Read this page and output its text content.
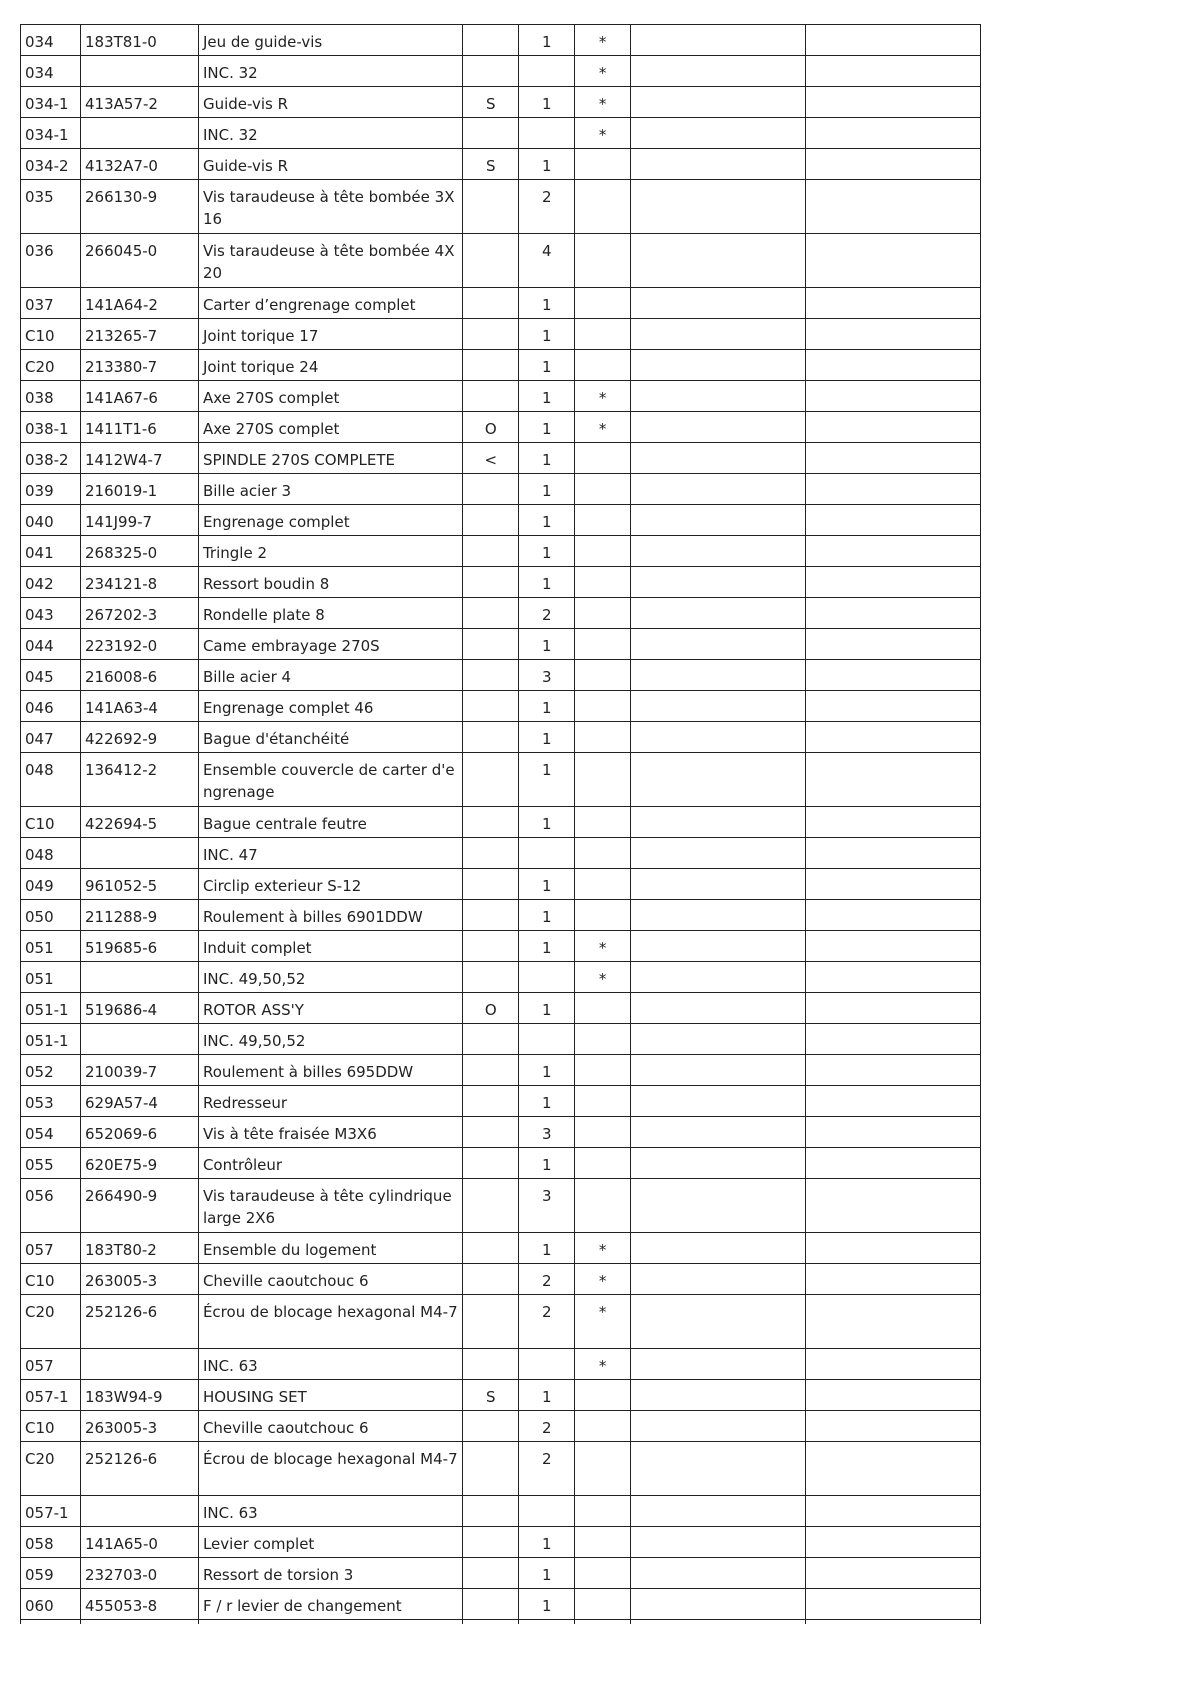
034	183T81-0	Jeu de guide-vis		1	*		
034		INC. 32			*		
034-1	413A57-2	Guide-vis R	S	1	*		
034-1		INC. 32			*		
034-2	4132A7-0	Guide-vis R	S	1			
035	266130-9	Vis taraudeuse à tête bombée 3X 16		2			
036	266045-0	Vis taraudeuse à tête bombée 4X 20		4			
037	141A64-2	Carter d’engrenage complet		1			
C10	213265-7	Joint torique 17		1			
C20	213380-7	Joint torique 24		1			
038	141A67-6	Axe 270S complet		1	*		
038-1	1411T1-6	Axe 270S complet	O	1	*		
038-2	1412W4-7	SPINDLE 270S COMPLETE	<	1			
039	216019-1	Bille acier 3		1			
040	141J99-7	Engrenage complet		1			
041	268325-0	Tringle 2		1			
042	234121-8	Ressort boudin 8		1			
043	267202-3	Rondelle plate 8		2			
044	223192-0	Came embrayage 270S		1			
045	216008-6	Bille acier 4		3			
046	141A63-4	Engrenage complet 46		1			
047	422692-9	Bague d'étanchéité		1			
048	136412-2	Ensemble couvercle de carter d'engrenage		1			
C10	422694-5	Bague centrale feutre		1			
048		INC. 47					
049	961052-5	Circlip exterieur S-12		1			
050	211288-9	Roulement à billes 6901DDW		1			
051	519685-6	Induit complet		1	*		
051		INC. 49,50,52			*		
051-1	519686-4	ROTOR ASS'Y	O	1			
051-1		INC. 49,50,52					
052	210039-7	Roulement à billes 695DDW		1			
053	629A57-4	Redresseur		1			
054	652069-6	Vis à tête fraisée M3X6		3			
055	620E75-9	Contrôleur		1			
056	266490-9	Vis taraudeuse à tête cylindrique large 2X6		3			
057	183T80-2	Ensemble du logement		1	*		
C10	263005-3	Cheville caoutchouc 6		2	*		
C20	252126-6	Écrou de blocage hexagonal M4-7		2	*		
057		INC. 63			*		
057-1	183W94-9	HOUSING SET	S	1			
C10	263005-3	Cheville caoutchouc 6		2			
C20	252126-6	Écrou de blocage hexagonal M4-7		2			
057-1		INC. 63					
058	141A65-0	Levier complet		1			
059	232703-0	Ressort de torsion 3		1			
060	455053-8	F / r levier de changement		1			
